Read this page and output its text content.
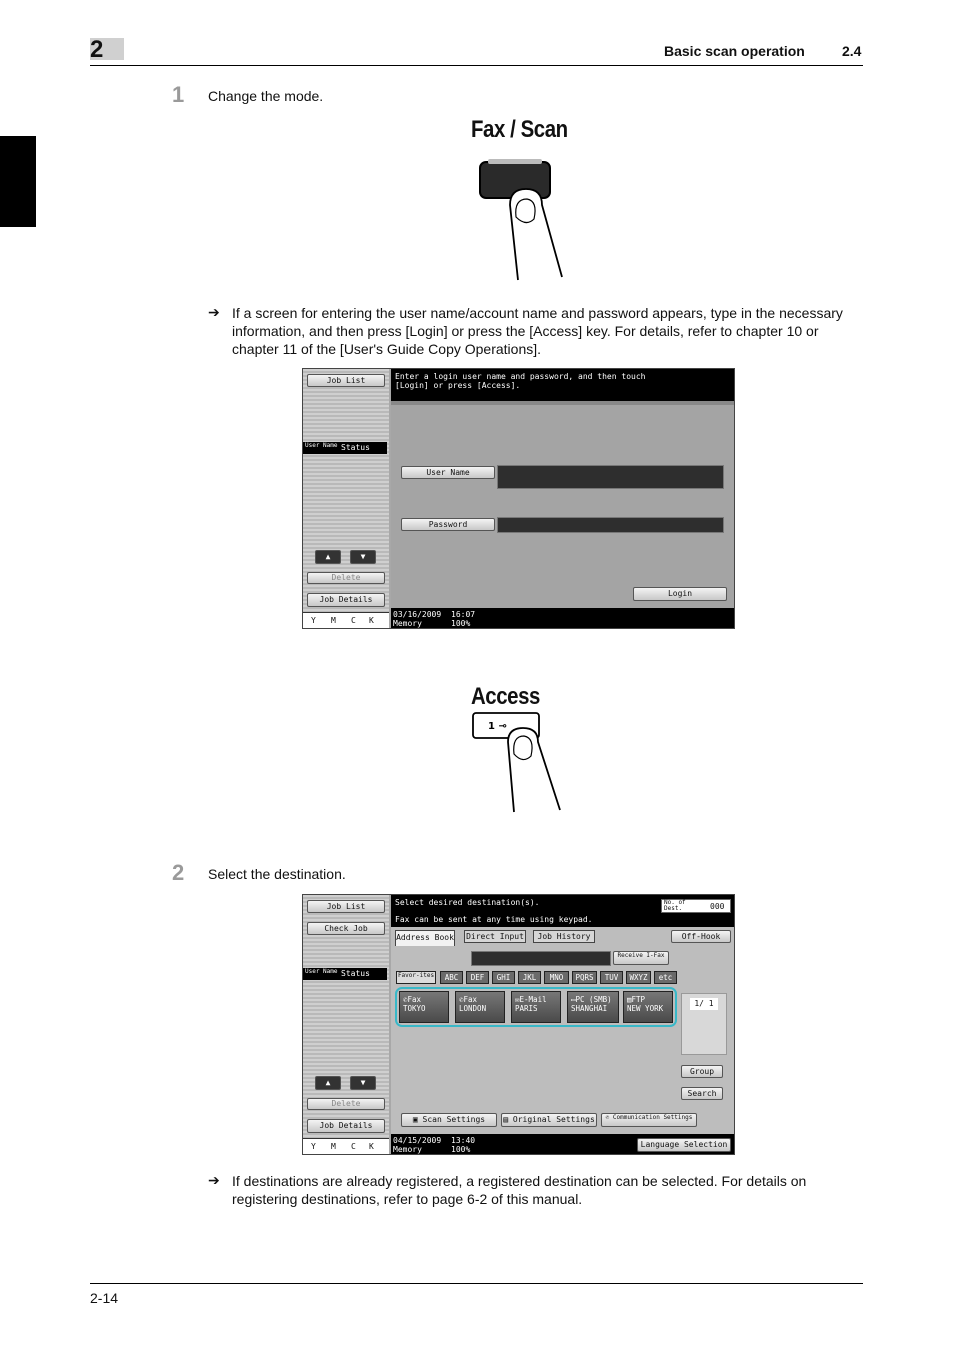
2	Basic scan operation	2.4
1 Change the mode.
Fax / Scan
➔ If a screen for entering the user name/account name and password appears, type in the necessary information, and then press [Login] or press the [Access] key. For details, refer to chapter 10 or chapter 11 of the [User's Guide Copy Operations].
Job List	Enter a login user name and password, and then touch
[Login] or press [Access].
User Name Status
User Name
Password
▲	▼
Delete
Job Details
Login
03/16/2009 16:07
Memory	100%
Y M C K
Access
1 ⊸
2 Select the destination.
Job List
Check Job
Select desired destination(s).
Fax can be sent at any time using keypad.
No. of Dest.	000
Address Book Direct Input	Job History	Off-Hook
Receive I-Fax
User Name Status	Favor-ites	ABC	DEF	GHI	JKL	MNO	PQRS	TUV	WXYZ	etc
✆Fax
TOKYO
✆Fax
LONDON
✉E-Mail
PARIS
▭PC (SMB)
SHANGHAI
▤FTP
NEW YORK
1/ 1
Group
Search
▲	▼
Delete
Job Details
▣ Scan Settings	▤ Original Settings	✆ Communication Settings
04/15/2009 13:40
Memory	100%
Language Selection
Y M C K
➔ If destinations are already registered, a registered destination can be selected. For details on registering destinations, refer to page 6-2 of this manual.
2-14
